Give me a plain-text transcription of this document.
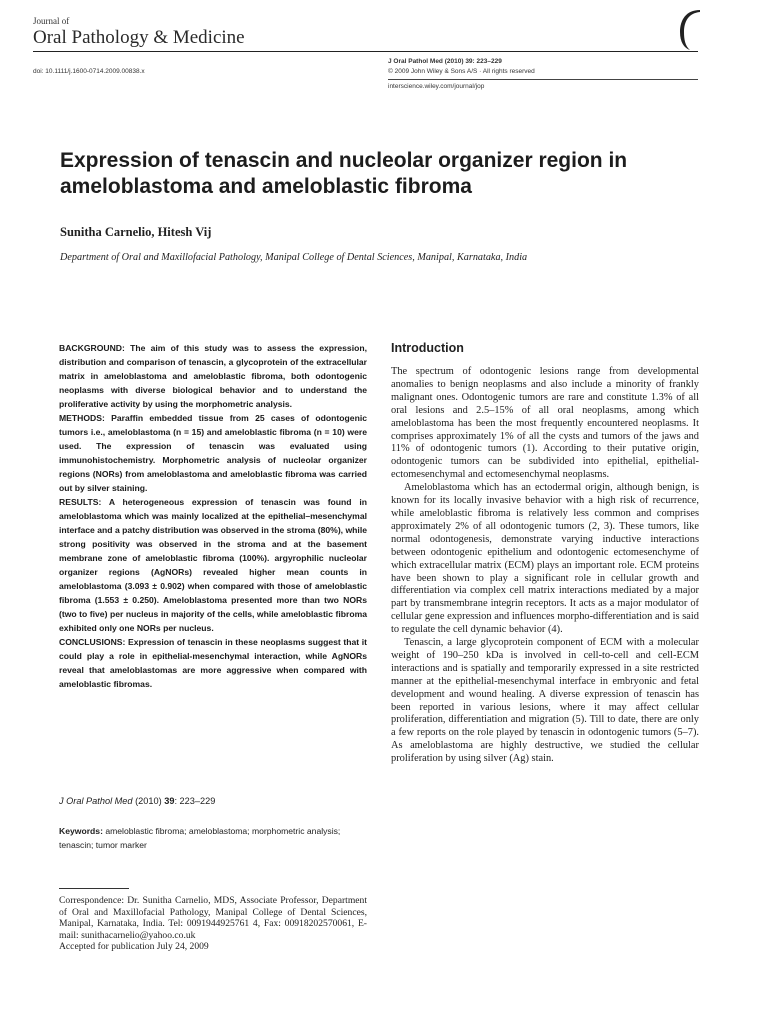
Journal of
Oral Pathology & Medicine
doi: 10.1111/j.1600-0714.2009.00838.x
J Oral Pathol Med (2010) 39: 223–229
© 2009 John Wiley & Sons A/S · All rights reserved
interscience.wiley.com/journal/jop
Expression of tenascin and nucleolar organizer region in ameloblastoma and ameloblastic fibroma
Sunitha Carnelio, Hitesh Vij
Department of Oral and Maxillofacial Pathology, Manipal College of Dental Sciences, Manipal, Karnataka, India

BACKGROUND: The aim of this study was to assess the expression, distribution and comparison of tenascin, a glycoprotein of the extracellular matrix in ameloblastoma and ameloblastic fibroma, both odontogenic neoplasms with diverse biological behavior and to understand the proliferative activity by using the morphometric analysis.

METHODS: Paraffin embedded tissue from 25 cases of odontogenic tumors i.e., ameloblastoma (n = 15) and ameloblastic fibroma (n = 10) were used. The expression of tenascin was evaluated using immunohistochemistry. Morphometric analysis of nucleolar organizer regions (NORs) from ameloblastoma and ameloblastic fibroma was carried out by silver staining.

RESULTS: A heterogeneous expression of tenascin was found in ameloblastoma which was mainly localized at the epithelial–mesenchymal interface and a patchy distribution was observed in the stroma (80%), while strong positivity was observed in the stroma and at the basement membrane zone of ameloblastic fibroma (100%). argyrophilic nucleolar organizer regions (AgNORs) revealed higher mean counts in ameloblastoma (3.093 ± 0.902) when compared with those of ameloblastic fibroma (1.553 ± 0.250). Ameloblastoma presented more than two NORs (two to five) per nucleus in majority of the cells, while ameloblastic fibroma exhibited only one NORs per nucleus.

CONCLUSIONS: Expression of tenascin in these neoplasms suggest that it could play a role in epithelial-mesenchymal interaction, while AgNORs reveal that ameloblastomas are more aggressive when compared with ameloblastic fibromas.

J Oral Pathol Med (2010) 39: 223–229
Keywords: ameloblastic fibroma; ameloblastoma; morphometric analysis; tenascin; tumor marker
Correspondence: Dr. Sunitha Carnelio, MDS, Associate Professor, Department of Oral and Maxillofacial Pathology, Manipal College of Dental Sciences, Manipal, Karnataka, India. Tel: 0091944925761 4, Fax: 00918202570061, E-mail: sunithacarnelio@yahoo.co.uk
Accepted for publication July 24, 2009
Introduction

The spectrum of odontogenic lesions range from developmental anomalies to benign neoplasms and also include a minority of frankly malignant ones. Odontogenic tumors are rare and constitute 1.3% of all oral lesions and 2.5–15% of all oral neoplasms, among which ameloblastoma has been the most frequently encountered neoplasms. It comprises approximately 1% of all the cysts and tumors of the jaws and 11% of odontogenic tumors (1). According to their putative origin, odontogenic tumors can be subdivided into epithelial, epithelial-ectomesenchymal and ectomesenchymal neoplasms.

Ameloblastoma which has an ectodermal origin, although benign, is known for its locally invasive behavior with a high risk of recurrence, while ameloblastic fibroma is relatively less common and comprises approximately 2% of all odontogenic tumors (2, 3). These tumors, like normal odontogenesis, demonstrate varying inductive interactions between odontogenic epithelium and odontogenic ectomesenchyme of which extracellular matrix (ECM) plays an important role. ECM proteins have been shown to play a significant role in cellular growth and differentiation via complex cell matrix interactions mediated by a major part by transmembrane integrin receptors. It acts as a major modulator of cellular gene expression and influences morpho-differentiation and is said to regulate the cell dynamic behavior (4).

Tenascin, a large glycoprotein component of ECM with a molecular weight of 190–250 kDa is involved in cell-to-cell and cell-ECM interactions and is spatially and temporarily expressed in a site restricted manner at the epithelial-mesenchymal interface in embryonic and fetal development and wound healing. A diverse expression of tenascin has been reported in various lesions, where it may affect cellular proliferation, differentiation and migration (5). Till to date, there are only a few reports on the role played by tenascin in odontogenic tumors (5–7). As ameloblastoma are highly destructive, we studied the cellular proliferation by using silver (Ag) stain.
